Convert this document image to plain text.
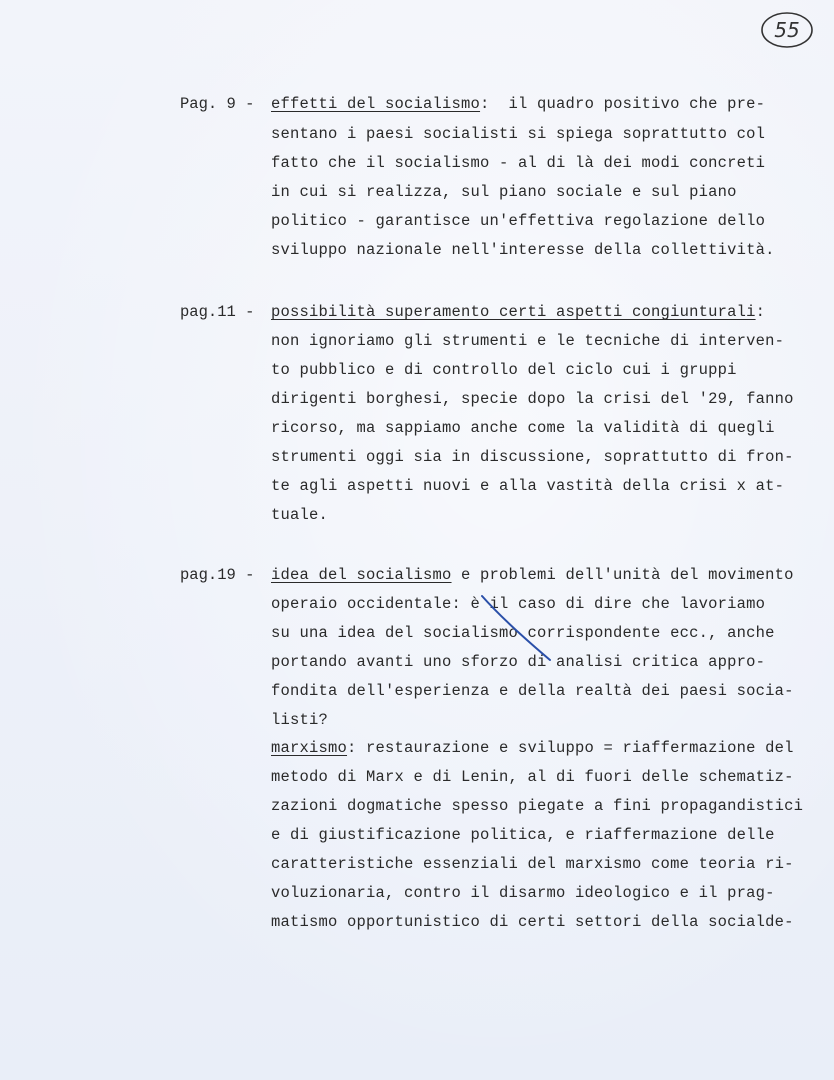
55
Pag. 9 - effetti del socialismo:  il quadro positivo che pre-
sentano i paesi socialisti si spiega soprattutto col
fatto che il socialismo - al di là dei modi concreti
in cui si realizza, sul piano sociale e sul piano
politico - garantisce un'effettiva regolazione dello
sviluppo nazionale nell'interesse della collettività.
pag.11 - possibilità superamento certi aspetti congiunturali:
non ignoriamo gli strumenti e le tecniche di interven-
to pubblico e di controllo del ciclo cui i gruppi
dirigenti borghesi, specie dopo la crisi del '29, fanno
ricorso, ma sappiamo anche come la validità di quegli
strumenti oggi sia in discussione, soprattutto di fron-
te agli aspetti nuovi e alla vastità della crisi x at-
tuale.
pag.19 - idea del socialismo e problemi dell'unità del movimento
operaio occidentale: è il caso di dire che lavoriamo
su una idea del socialismo corrispondente ecc., anche
portando avanti uno sforzo di analisi critica appro-
fondita dell'esperienza e della realtà dei paesi socia-
listi?
marxismo: restaurazione e sviluppo = riaffermazione del
metodo di Marx e di Lenin, al di fuori delle schematiz-
zazioni dogmatiche spesso piegate a fini propagandistici
e di giustificazione politica, e riaffermazione delle
caratteristiche essenziali del marxismo come teoria ri-
voluzionaria, contro il disarmo ideologico e il prag-
matismo opportunistico di certi settori della socialde-
